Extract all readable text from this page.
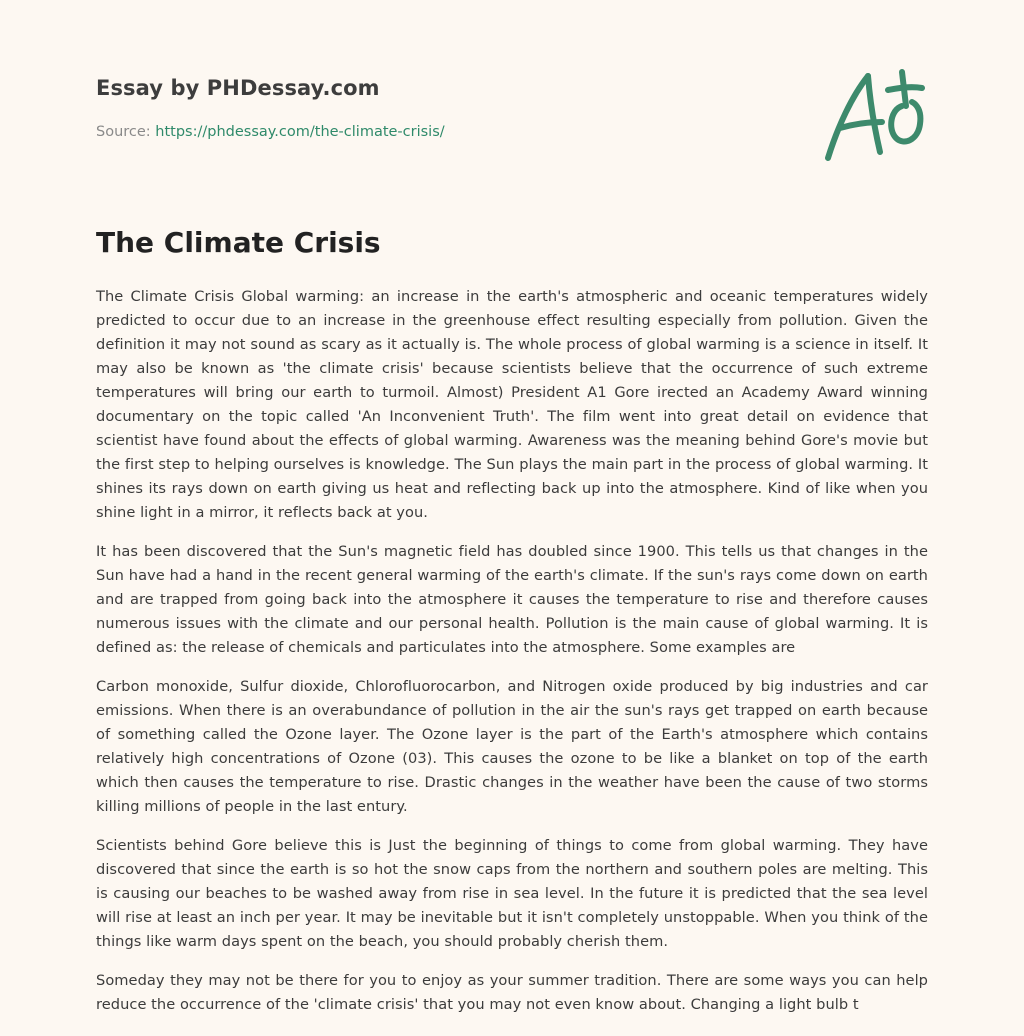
Essay by PHDessay.com
Source: https://phdessay.com/the-climate-crisis/
The Climate Crisis

The Climate Crisis Global warming: an increase in the earth's atmospheric and oceanic temperatures widely predicted to occur due to an increase in the greenhouse effect resulting especially from pollution. Given the definition it may not sound as scary as it actually is. The whole process of global warming is a science in itself. It may also be known as 'the climate crisis' because scientists believe that the occurrence of such extreme temperatures will bring our earth to turmoil. Almost) President A1 Gore irected an Academy Award winning documentary on the topic called 'An Inconvenient Truth'. The film went into great detail on evidence that scientist have found about the effects of global warming. Awareness was the meaning behind Gore's movie but the first step to helping ourselves is knowledge. The Sun plays the main part in the process of global warming. It shines its rays down on earth giving us heat and reflecting back up into the atmosphere. Kind of like when you shine light in a mirror, it reflects back at you.

It has been discovered that the Sun's magnetic field has doubled since 1900. This tells us that changes in the Sun have had a hand in the recent general warming of the earth's climate. If the sun's rays come down on earth and are trapped from going back into the atmosphere it causes the temperature to rise and therefore causes numerous issues with the climate and our personal health. Pollution is the main cause of global warming. It is defined as: the release of chemicals and particulates into the atmosphere. Some examples are

Carbon monoxide, Sulfur dioxide, Chlorofluorocarbon, and Nitrogen oxide produced by big industries and car emissions. When there is an overabundance of pollution in the air the sun's rays get trapped on earth because of something called the Ozone layer. The Ozone layer is the part of the Earth's atmosphere which contains relatively high concentrations of Ozone (03). This causes the ozone to be like a blanket on top of the earth which then causes the temperature to rise. Drastic changes in the weather have been the cause of two storms killing millions of people in the last entury.

Scientists behind Gore believe this is Just the beginning of things to come from global warming. They have discovered that since the earth is so hot the snow caps from the northern and southern poles are melting. This is causing our beaches to be washed away from rise in sea level. In the future it is predicted that the sea level will rise at least an inch per year. It may be inevitable but it isn't completely unstoppable. When you think of the things like warm days spent on the beach, you should probably cherish them.

Someday they may not be there for you to enjoy as your summer tradition. There are some ways you can help reduce the occurrence of the 'climate crisis' that you may not even know about. Changing a light bulb t
